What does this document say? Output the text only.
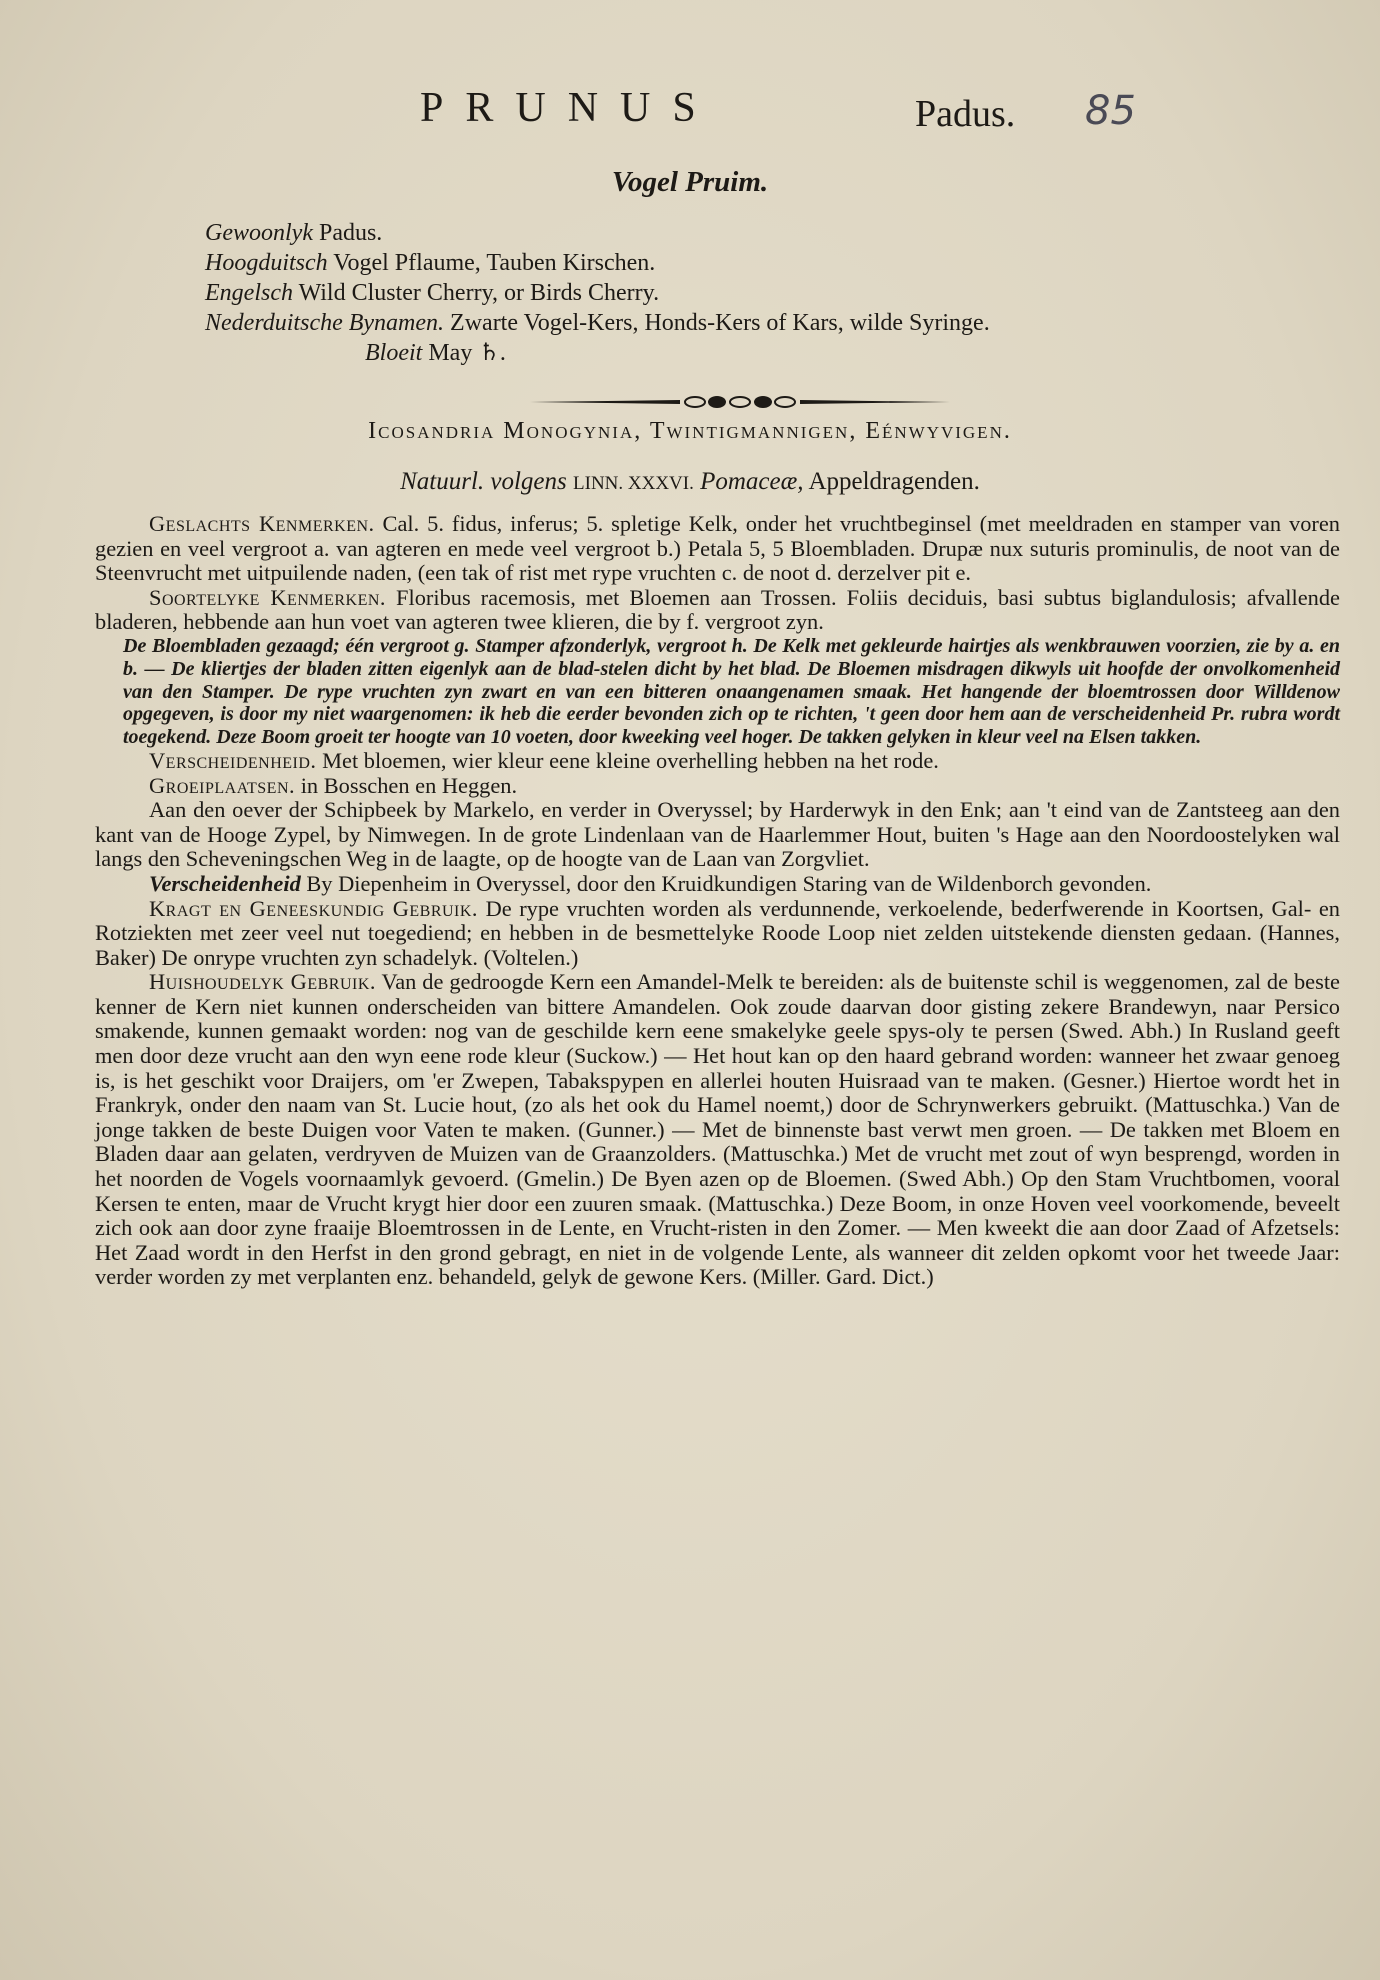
PRUNUS	Padus. 85
Vogel Pruim.
Gewoonlyk Padus.
Hoogduitsch Vogel Pflaume, Tauben Kirschen.
Engelsch Wild Cluster Cherry, or Birds Cherry.
Nederduitsche Bynamen. Zwarte Vogel-Kers, Honds-Kers of Kars, wilde Syringe.
Bloeit May ♄.
Icosandria Monogynia, Twintigmannigen, Eénwyvigen.
Natuurl. volgens LINN. XXXVI. Pomaceæ, Appeldragenden.

Geslachts Kenmerken. Cal. 5. fidus, inferus; 5. spletige Kelk, onder het vruchtbeginsel (met meeldraden en stamper van voren gezien en veel vergroot a. van agteren en mede veel vergroot b.) Petala 5, 5 Bloembladen. Drupæ nux suturis prominulis, de noot van de Steenvrucht met uitpuilende naden, (een tak of rist met rype vruchten c. de noot d. derzelver pit e.

Soortelyke Kenmerken. Floribus racemosis, met Bloemen aan Trossen. Foliis deciduis, basi subtus biglandulosis; afvallende bladeren, hebbende aan hun voet van agteren twee klieren, die by f. vergroot zyn.

De Bloembladen gezaagd; één vergroot g. Stamper afzonderlyk, vergroot h. De Kelk met gekleurde hairtjes als wenkbrauwen voorzien, zie by a. en b. — De kliertjes der bladen zitten eigenlyk aan de blad-stelen dicht by het blad. De Bloemen misdragen dikwyls uit hoofde der onvolkomenheid van den Stamper. De rype vruchten zyn zwart en van een bitteren onaangenamen smaak. Het hangende der bloemtrossen door Willdenow opgegeven, is door my niet waargenomen: ik heb die eerder bevonden zich op te richten, 't geen door hem aan de verscheidenheid Pr. rubra wordt toegekend. Deze Boom groeit ter hoogte van 10 voeten, door kweeking veel hoger. De takken gelyken in kleur veel na Elsen takken.

Verscheidenheid. Met bloemen, wier kleur eene kleine overhelling hebben na het rode.

Groeiplaatsen. in Bosschen en Heggen.

Aan den oever der Schipbeek by Markelo, en verder in Overyssel; by Harderwyk in den Enk; aan 't eind van de Zantsteeg aan den kant van de Hooge Zypel, by Nimwegen. In de grote Lindenlaan van de Haarlemmer Hout, buiten 's Hage aan den Noordoostelyken wal langs den Scheveningschen Weg in de laagte, op de hoogte van de Laan van Zorgvliet.

Verscheidenheid By Diepenheim in Overyssel, door den Kruidkundigen Staring van de Wildenborch gevonden.

Kragt en Geneeskundig Gebruik. De rype vruchten worden als verdunnende, verkoelende, bederfwerende in Koortsen, Gal- en Rotziekten met zeer veel nut toegediend; en hebben in de besmettelyke Roode Loop niet zelden uitstekende diensten gedaan. (Hannes, Baker) De onrype vruchten zyn schadelyk. (Voltelen.)

Huishoudelyk Gebruik. Van de gedroogde Kern een Amandel-Melk te bereiden: als de buitenste schil is weggenomen, zal de beste kenner de Kern niet kunnen onderscheiden van bittere Amandelen. Ook zoude daarvan door gisting zekere Brandewyn, naar Persico smakende, kunnen gemaakt worden: nog van de geschilde kern eene smakelyke geele spys-oly te persen (Swed. Abh.) In Rusland geeft men door deze vrucht aan den wyn eene rode kleur (Suckow.) — Het hout kan op den haard gebrand worden: wanneer het zwaar genoeg is, is het geschikt voor Draijers, om 'er Zwepen, Tabakspypen en allerlei houten Huisraad van te maken. (Gesner.) Hiertoe wordt het in Frankryk, onder den naam van St. Lucie hout, (zo als het ook du Hamel noemt,) door de Schrynwerkers gebruikt. (Mattuschka.) Van de jonge takken de beste Duigen voor Vaten te maken. (Gunner.) — Met de binnenste bast verwt men groen. — De takken met Bloem en Bladen daar aan gelaten, verdryven de Muizen van de Graanzolders. (Mattuschka.) Met de vrucht met zout of wyn besprengd, worden in het noorden de Vogels voornaamlyk gevoerd. (Gmelin.) De Byen azen op de Bloemen. (Swed Abh.) Op den Stam Vruchtbomen, vooral Kersen te enten, maar de Vrucht krygt hier door een zuuren smaak. (Mattuschka.) Deze Boom, in onze Hoven veel voorkomende, beveelt zich ook aan door zyne fraaije Bloemtrossen in de Lente, en Vrucht-risten in den Zomer. — Men kweekt die aan door Zaad of Afzetsels: Het Zaad wordt in den Herfst in den grond gebragt, en niet in de volgende Lente, als wanneer dit zelden opkomt voor het tweede Jaar: verder worden zy met verplanten enz. behandeld, gelyk de gewone Kers. (Miller. Gard. Dict.)
